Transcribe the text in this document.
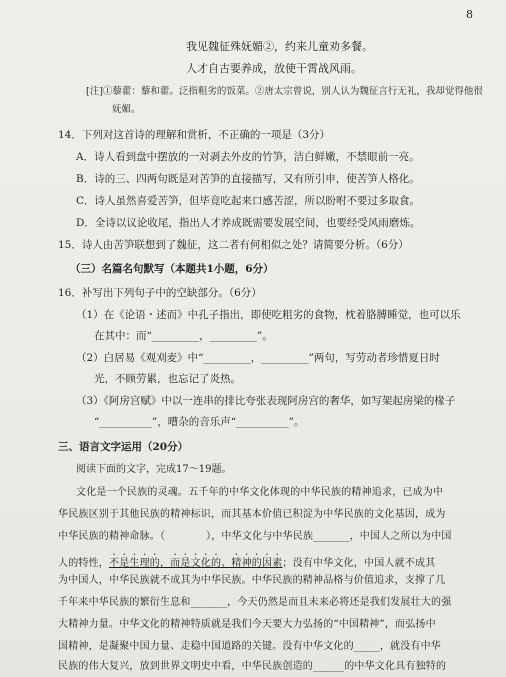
我见魏征殊妩媚②，约来儿童劝多餐。
人才自古要养成，放使干霄战风雨。
[注]①藜藿：藜和藿。泛指粗劣的饭菜。②唐太宗曾说，别人认为魏征言行无礼，我却觉得他很
妩媚。
14．下列对这首诗的理解和赏析，不正确的一项是（3分）
A．诗人看到盘中摆放的一对剥去外皮的竹笋，洁白鲜嫩，不禁眼前一亮。
B．诗的三、四两句既是对苦笋的直接描写，又有所引申，使苦笋人格化。
C．诗人虽然喜爱苦笋，但毕竟吃起来口感苦涩，所以盼咐不要过多取食。
D．全诗以议论收尾，指出人才养成既需要发展空间，也要经受风雨磨炼。
15．诗人由苦笋联想到了魏征，这二者有何相似之处？请简要分析。（6分）
（三）名篇名句默写（本题共1小题，6分）
16．补写出下列句子中的空缺部分。（6分）
（1）在《论语・述而》中孔子指出，即使吃粗劣的食物，枕着胳膊睡觉，也可以乐
在其中：而“_________，_________”。
（2）白居易《观刈麦》中“_________，_________”两句，写劳动者珍惜夏日时
光，不顾劳累，也忘记了炎热。
（3）《阿房宫赋》中以一连串的排比夸张表现阿房宫的奢华，如写架起房梁的椽子
“__________”，嘈杂的音乐声“__________”。
三、语言文字运用（20分）
阅读下面的文字，完成17～19题。
文化是一个民族的灵魂。五千年的中华文化体现的中华民族的精神追求，已成为中
华民族区别于其他民族的精神标识，而其基本价值已积淀为中华民族的文化基因，成为
中华民族的精神命脉。（　　　　），中华文化与中华民族_______，中国人之所以为中国
人的特性，不是生理的，而是文化的、精神的因素；没有中华文化，中国人就不成其
为中国人，中华民族就不成其为中华民族。中华民族的精神品格与价值追求，支撑了几
千年来中华民族的繁衍生息和_______，今天仍然是而且未来必将还是我们发展壮大的强
大精神力量。中华文化的精神特质就是我们今天要大力弘扬的“中国精神”，而弘扬中
国精神，是凝聚中国力量、走稳中国道路的关键。没有中华文化的_____，就没有中华
民族的伟大复兴，放到世界文明史中看，中华民族创造的______的中华文化具有独特的
8
